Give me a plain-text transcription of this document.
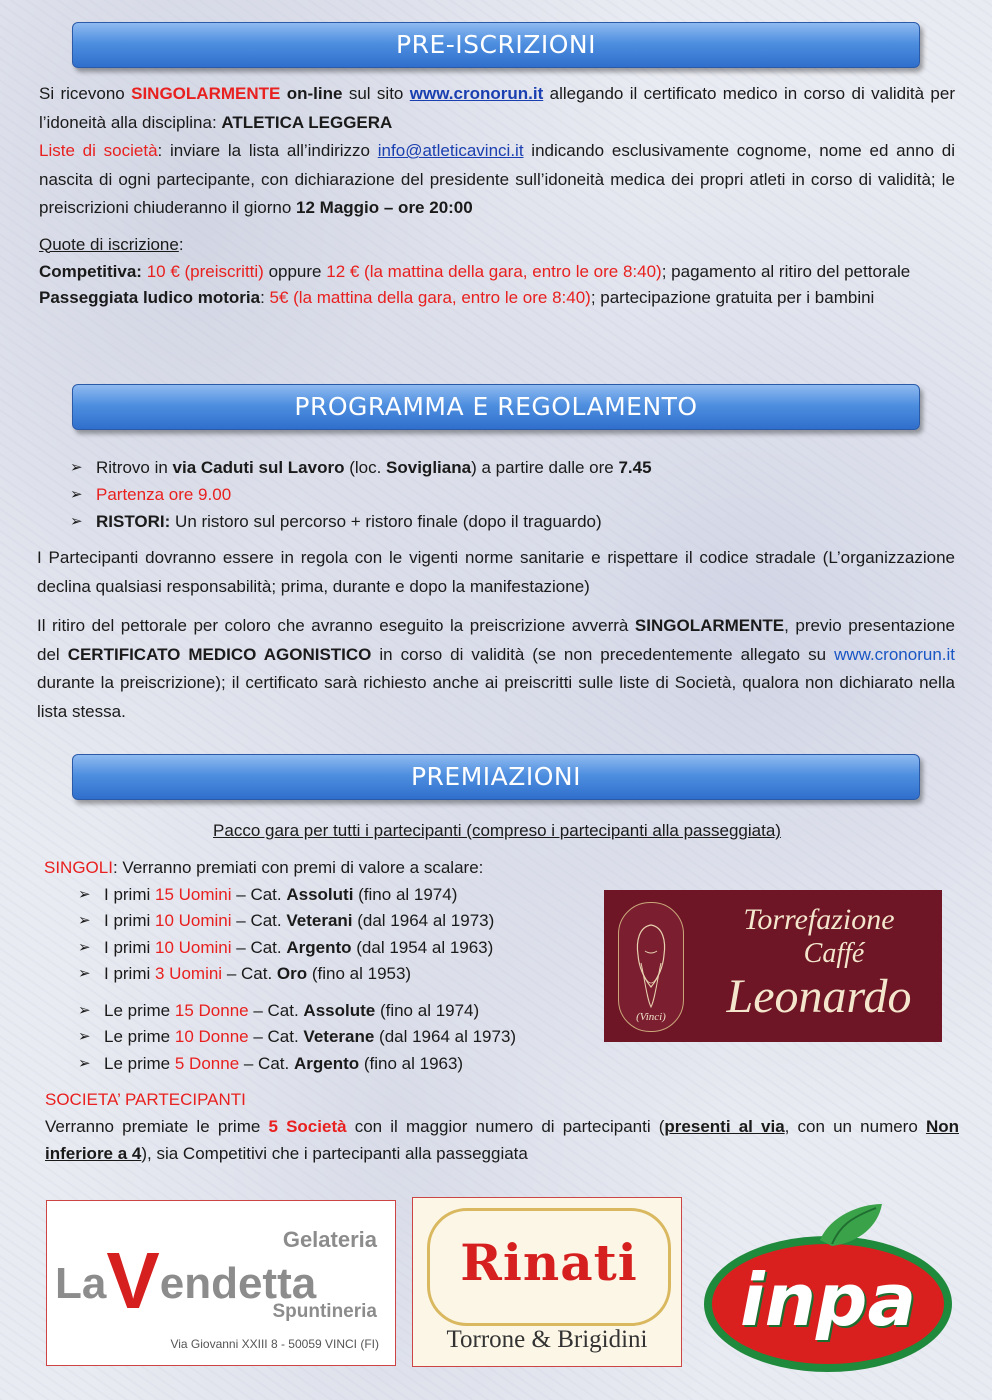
PRE-ISCRIZIONI
Si ricevono SINGOLARMENTE on-line sul sito www.cronorun.it allegando il certificato medico in corso di validità per l’idoneità alla disciplina: ATLETICA LEGGERA
Liste di società: inviare la lista all’indirizzo info@atleticavinci.it indicando esclusivamente cognome, nome ed anno di nascita di ogni partecipante, con dichiarazione del presidente sull’idoneità medica dei propri atleti in corso di validità; le preiscrizioni chiuderanno il giorno 12 Maggio – ore 20:00
Quote di iscrizione:
Competitiva: 10 € (preiscritti) oppure 12 € (la mattina della gara, entro le ore 8:40); pagamento al ritiro del pettorale
Passeggiata ludico motoria: 5€ (la mattina della gara, entro le ore 8:40); partecipazione gratuita per i bambini
PROGRAMMA E REGOLAMENTO
➢ Ritrovo in via Caduti sul Lavoro (loc. Sovigliana) a partire dalle ore 7.45
➢ Partenza ore 9.00
➢ RISTORI: Un ristoro sul percorso + ristoro finale (dopo il traguardo)
I Partecipanti dovranno essere in regola con le vigenti norme sanitarie e rispettare il codice stradale (L’organizzazione declina qualsiasi responsabilità; prima, durante e dopo la manifestazione)
Il ritiro del pettorale per coloro che avranno eseguito la preiscrizione avverrà SINGOLARMENTE, previo presentazione del CERTIFICATO MEDICO AGONISTICO in corso di validità (se non precedentemente allegato su www.cronorun.it durante la preiscrizione); il certificato sarà richiesto anche ai preiscritti sulle liste di Società, qualora non dichiarato nella lista stessa.
PREMIAZIONI
Pacco gara per tutti i partecipanti (compreso i partecipanti alla passeggiata)
SINGOLI: Verranno premiati con premi di valore a scalare:
➢ I primi 15 Uomini – Cat. Assoluti (fino al 1974)
➢ I primi 10 Uomini – Cat. Veterani (dal 1964 al 1973)
➢ I primi 10 Uomini – Cat. Argento (dal 1954 al 1963)
➢ I primi 3 Uomini – Cat. Oro (fino al 1953)
➢ Le prime 15 Donne – Cat. Assolute (fino al 1974)
➢ Le prime 10 Donne – Cat. Veterane (dal 1964 al 1973)
➢ Le prime 5 Donne – Cat. Argento (fino al 1963)
(Vinci)
Torrefazione
Caffé
Leonardo
SOCIETA’ PARTECIPANTI
Verranno premiate le prime 5 Società con il maggior numero di partecipanti (presenti al via, con un numero Non inferiore a 4), sia Competitivi che i partecipanti alla passeggiata
Gelateria
LaVendetta
Spuntineria
Via Giovanni XXIII 8 - 50059 VINCI (FI)
Rinati
Torrone & Brigidini	inpa
